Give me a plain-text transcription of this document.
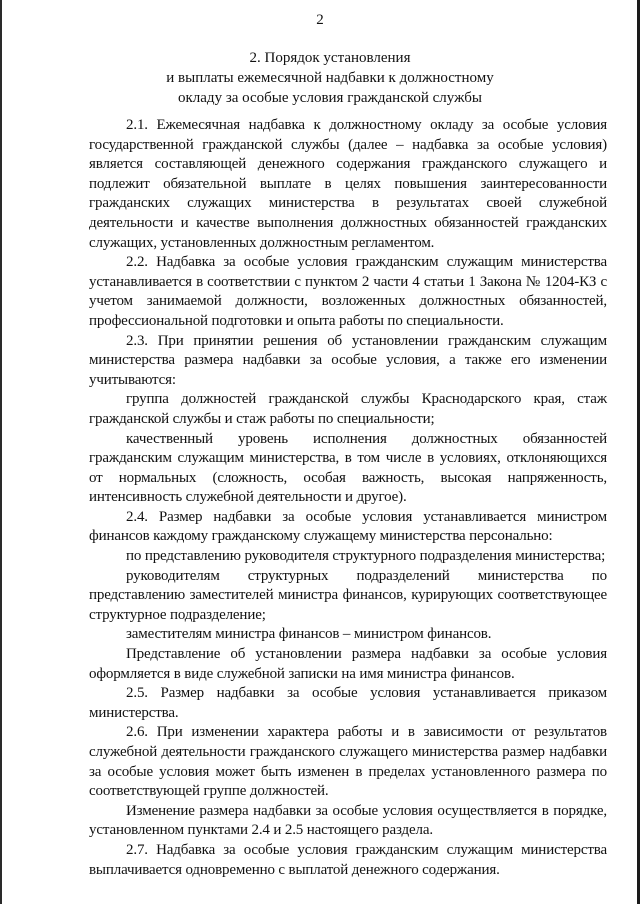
2
2. Порядок установления
и выплаты ежемесячной надбавки к должностному
окладу за особые условия гражданской службы

2.1. Ежемесячная надбавка к должностному окладу за особые условия государственной гражданской службы (далее – надбавка за особые условия) является составляющей денежного содержания гражданского служащего и подлежит обязательной выплате в целях повышения заинтересованности гражданских служащих министерства в результатах своей служебной деятельности и качестве выполнения должностных обязанностей гражданских служащих, установленных должностным регламентом.

2.2. Надбавка за особые условия гражданским служащим министерства устанавливается в соответствии с пунктом 2 части 4 статьи 1 Закона № 1204-КЗ с учетом занимаемой должности, возложенных должностных обязанностей, профессиональной подготовки и опыта работы по специальности.

2.3. При принятии решения об установлении гражданским служащим министерства размера надбавки за особые условия, а также его изменении учитываются:

группа должностей гражданской службы Краснодарского края, стаж гражданской службы и стаж работы по специальности;

качественный уровень исполнения должностных обязанностей гражданским служащим министерства, в том числе в условиях, отклоняющихся от нормальных (сложность, особая важность, высокая напряженность, интенсивность служебной деятельности и другое).

2.4. Размер надбавки за особые условия устанавливается министром финансов каждому гражданскому служащему министерства персонально:

по представлению руководителя структурного подразделения министерства;

руководителям структурных подразделений министерства по представлению заместителей министра финансов, курирующих соответствующее структурное подразделение;

заместителям министра финансов – министром финансов.

Представление об установлении размера надбавки за особые условия оформляется в виде служебной записки на имя министра финансов.

2.5. Размер надбавки за особые условия устанавливается приказом министерства.

2.6. При изменении характера работы и в зависимости от результатов служебной деятельности гражданского служащего министерства размер надбавки за особые условия может быть изменен в пределах установленного размера по соответствующей группе должностей.

Изменение размера надбавки за особые условия осуществляется в порядке, установленном пунктами 2.4 и 2.5 настоящего раздела.

2.7. Надбавка за особые условия гражданским служащим министерства выплачивается одновременно с выплатой денежного содержания.
